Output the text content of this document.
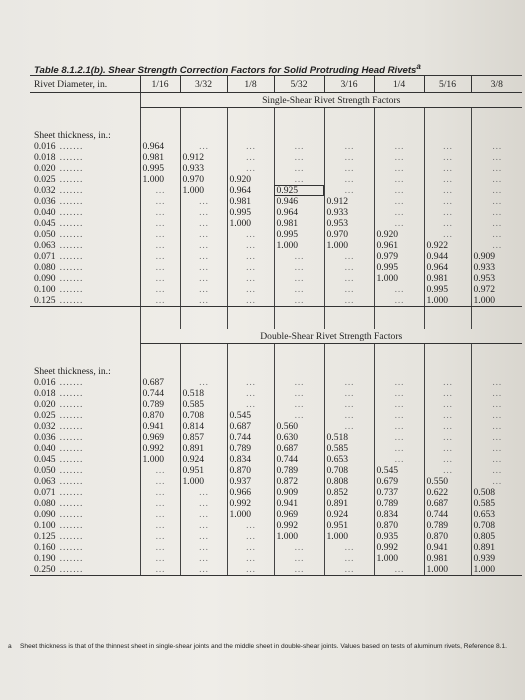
Table 8.1.2.1(b). Shear Strength Correction Factors for Solid Protruding Head Rivets$^a$
Rivet Diameter, in.	1/16	3/32	1/8	5/32	3/16	1/4	5/16	3/8
	Single-Shear Rivet Strength Factors							

Sheet thickness, in.:								
0.016 .......	0.964	…	…	…	…	…	…	…
0.018 .......	0.981	0.912	…	…	…	…	…	…
0.020 .......	0.995	0.933	…	…	…	…	…	…
0.025 .......	1.000	0.970	0.920	…	…	…	…	…
0.032 .......	…	1.000	0.964	0.925	…	…	…	…
0.036 .......	…	…	0.981	0.946	0.912	…	…	…
0.040 .......	…	…	0.995	0.964	0.933	…	…	…
0.045 .......	…	…	1.000	0.981	0.953	…	…	…
0.050 .......	…	…	…	0.995	0.970	0.920	…	…
0.063 .......	…	…	…	1.000	1.000	0.961	0.922	…
0.071 .......	…	…	…	…	…	0.979	0.944	0.909
0.080 .......	…	…	…	…	…	0.995	0.964	0.933
0.090 .......	…	…	…	…	…	1.000	0.981	0.953
0.100 .......	…	…	…	…	…	…	0.995	0.972
0.125 .......	…	…	…	…	…	…	1.000	1.000

	Double-Shear Rivet Strength Factors							

Sheet thickness, in.:								
0.016 .......	0.687	…	…	…	…	…	…	…
0.018 .......	0.744	0.518	…	…	…	…	…	…
0.020 .......	0.789	0.585	…	…	…	…	…	…
0.025 .......	0.870	0.708	0.545	…	…	…	…	…
0.032 .......	0.941	0.814	0.687	0.560	…	…	…	…
0.036 .......	0.969	0.857	0.744	0.630	0.518	…	…	…
0.040 .......	0.992	0.891	0.789	0.687	0.585	…	…	…
0.045 .......	1.000	0.924	0.834	0.744	0.653	…	…	…
0.050 .......	…	0.951	0.870	0.789	0.708	0.545	…	…
0.063 .......	…	1.000	0.937	0.872	0.808	0.679	0.550	…
0.071 .......	…	…	0.966	0.909	0.852	0.737	0.622	0.508
0.080 .......	…	…	0.992	0.941	0.891	0.789	0.687	0.585
0.090 .......	…	…	1.000	0.969	0.924	0.834	0.744	0.653
0.100 .......	…	…	…	0.992	0.951	0.870	0.789	0.708
0.125 .......	…	…	…	1.000	1.000	0.935	0.870	0.805
0.160 .......	…	…	…	…	…	0.992	0.941	0.891
0.190 .......	…	…	…	…	…	1.000	0.981	0.939
0.250 .......	…	…	…	…	…	…	1.000	1.000
a Sheet thickness is that of the thinnest sheet in single-shear joints and the middle sheet in double-shear joints. Values based on tests of aluminum rivets, Reference 8.1.
